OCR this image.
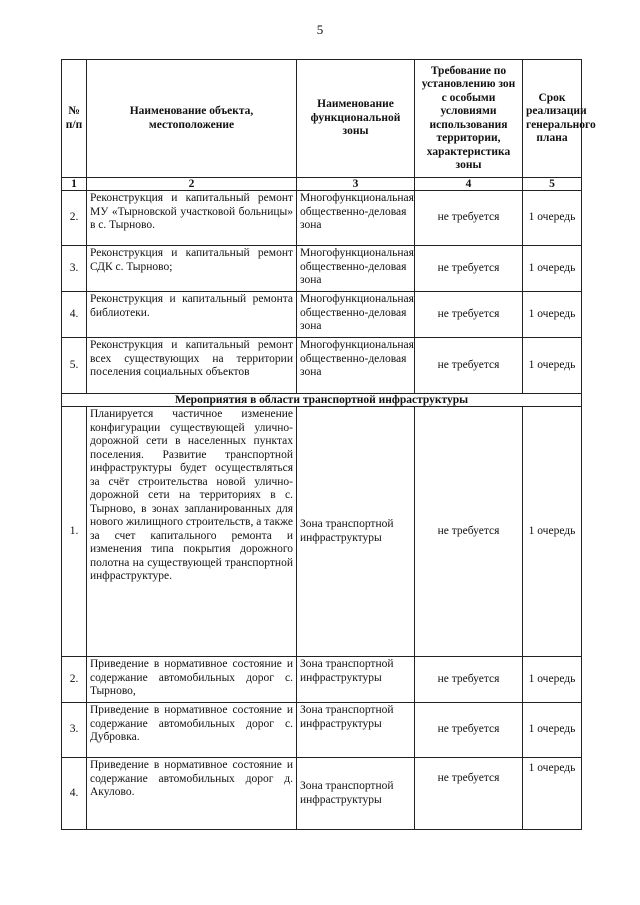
5
№ п/п	Наименование объекта, местоположение	Наименование функциональной зоны	Требование по установлению зон с особыми условиями использования территории, характеристика зоны	Срок реализации генерального плана
1	2	3	4	5
2.	Реконструкция и капитальный ремонт МУ «Тырновской участковой больницы» в с. Тырново.	Многофункциональная общественно-деловая зона	не требуется	1 очередь
3.	Реконструкция и капитальный ремонт СДК с. Тырново;	Многофункциональная общественно-деловая зона	не требуется	1 очередь
4.	Реконструкция и капитальный ремонта библиотеки.	Многофункциональная общественно-деловая зона	не требуется	1 очередь
5.	Реконструкция и капитальный ремонт всех существующих на территории поселения социальных объектов	Многофункциональная общественно-деловая зона	не требуется	1 очередь
Мероприятия в области транспортной инфраструктуры				
1.	Планируется частичное изменение конфигурации существующей улично-дорожной сети в населенных пунктах поселения. Развитие транспортной инфраструктуры будет осуществляться за счёт строительства новой улично-дорожной сети на территориях в с. Тырново, в зонах запланированных для нового жилищного строительств, а также за счет капитального ремонта и изменения типа покрытия дорожного полотна на существующей транспортной инфраструктуре.	Зона транспортной инфраструктуры	не требуется	1 очередь
2.	Приведение в нормативное состояние и содержание автомобильных дорог с. Тырново,	Зона транспортной инфраструктуры	не требуется	1 очередь
3.	Приведение в нормативное состояние и содержание автомобильных дорог с. Дубровка.	Зона транспортной инфраструктуры	не требуется	1 очередь
4.	Приведение в нормативное состояние и содержание автомобильных дорог д. Акулово.	Зона транспортной инфраструктуры	не требуется	1 очередь
